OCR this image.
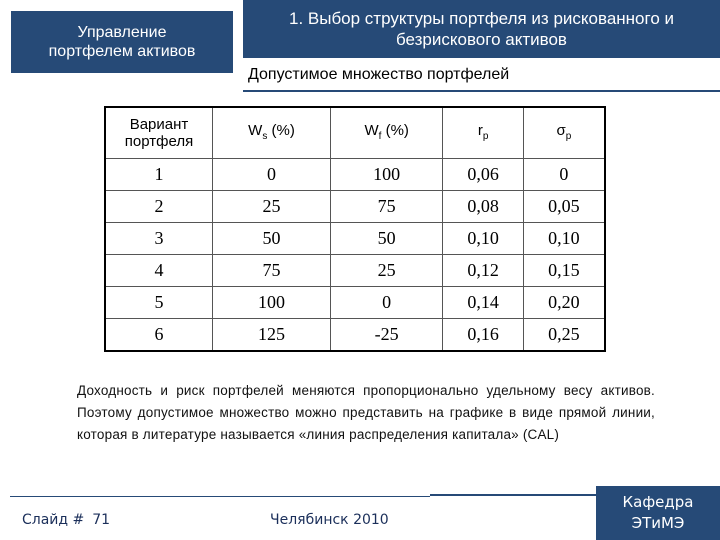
Управление
портфелем активов
1. Выбор структуры портфеля из рискованного и
безрискового активов
Допустимое множество портфелей
Вариант
портфеля	$W_s$ (%)	$W_f$ (%)	$r_p$	$\sigma_p$
1	0	100	0,06	0
2	25	75	0,08	0,05
3	50	50	0,10	0,10
4	75	25	0,12	0,15
5	100	0	0,14	0,20
6	125	-25	0,16	0,25
Доходность и риск портфелей меняются пропорционально удельному весу активов. Поэтому допустимое множество можно представить на графике в виде прямой линии, которая в литературе называется «линия распределения капитала» (CAL)
Слайд # 71	Челябинск 2010
Кафедра
ЭТиМЭ
